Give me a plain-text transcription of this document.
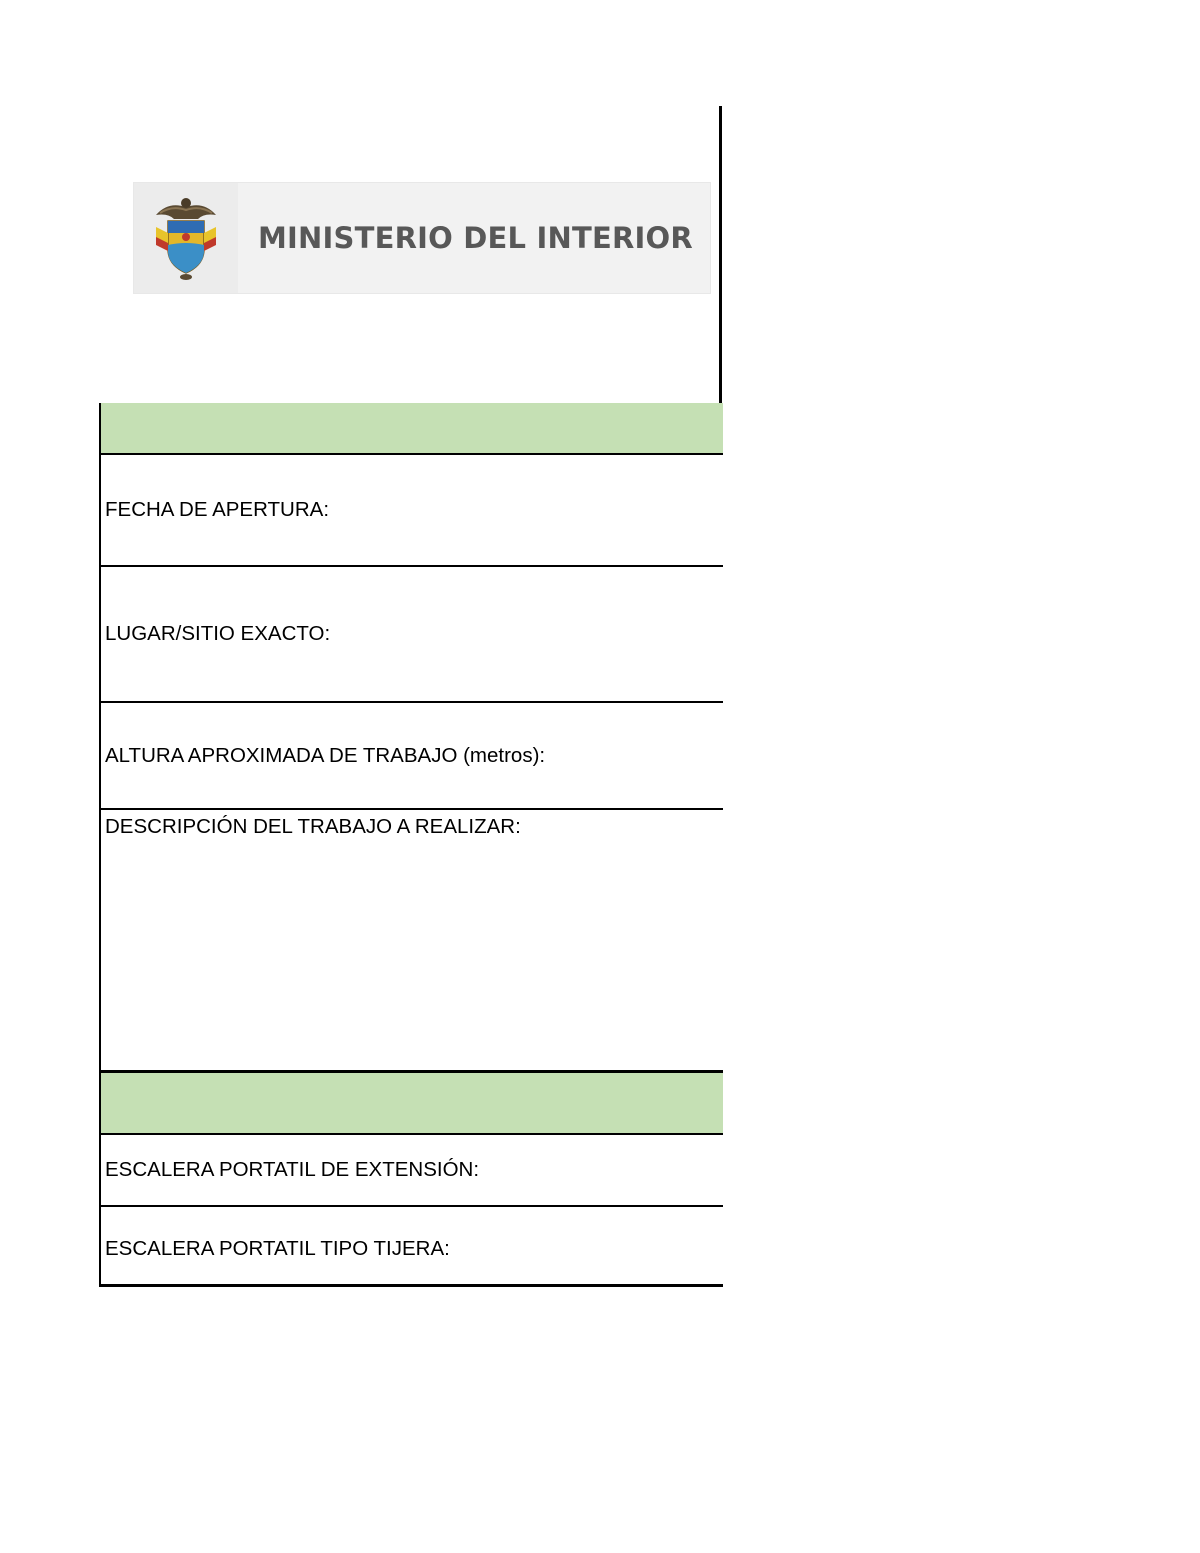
MINISTERIO DEL INTERIOR
FECHA DE APERTURA:
LUGAR/SITIO EXACTO:
ALTURA APROXIMADA DE TRABAJO (metros):
DESCRIPCIÓN DEL TRABAJO A REALIZAR:
ESCALERA PORTATIL DE EXTENSIÓN:
ESCALERA PORTATIL TIPO TIJERA:
